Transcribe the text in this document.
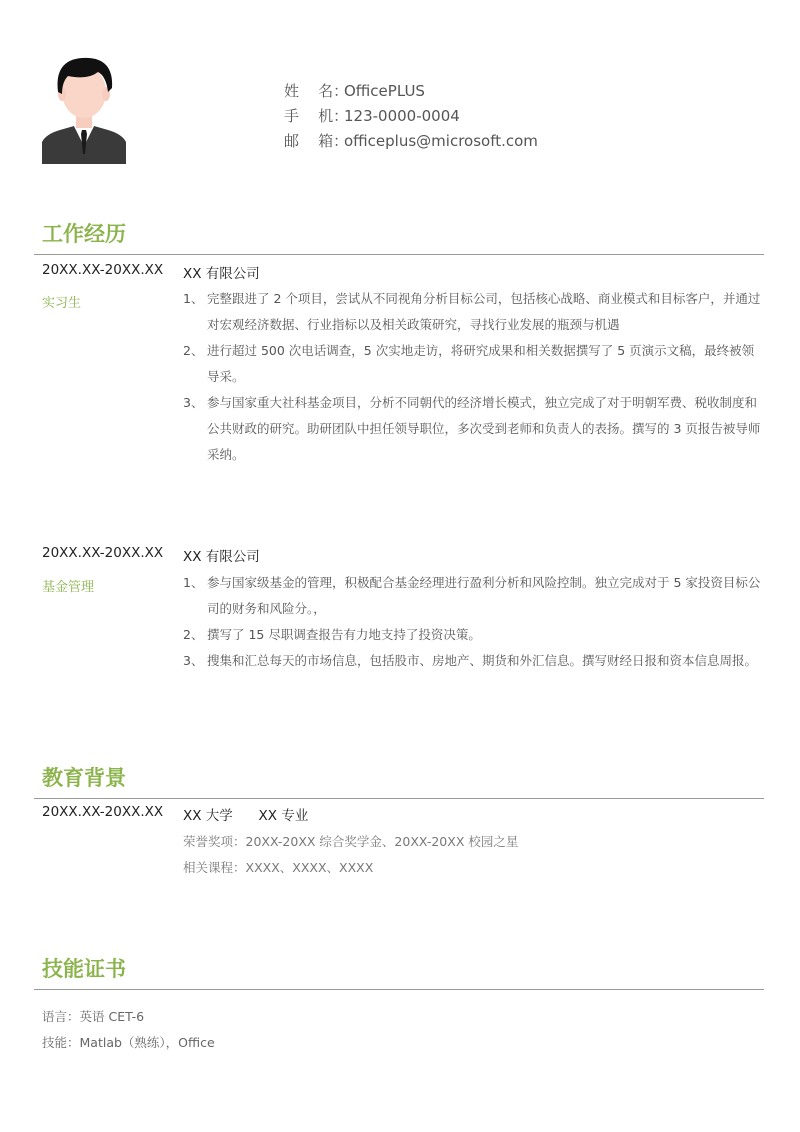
姓    名：
OfficePLUS
手    机：
123-0000-0004
邮    箱：
officeplus@microsoft.com
工作经历
20XX.XX-20XX.XX XX 有限公司
实习生	1、 完整跟进了 2 个项目，尝试从不同视角分析目标公司，包括核心战略、商业模式和目标客户，并通过对宏观经济数据、行业指标以及相关政策研究，寻找行业发展的瓶颈与机遇
2、 进行超过 500 次电话调查，5 次实地走访，将研究成果和相关数据撰写了 5 页演示文稿，最终被领导采。
3、 参与国家重大社科基金项目，分析不同朝代的经济增长模式，独立完成了对于明朝军费、税收制度和公共财政的研究。助研团队中担任领导职位，多次受到老师和负责人的表扬。撰写的 3 页报告被导师采纳。
20XX.XX-20XX.XX XX 有限公司
基金管理	1、 参与国家级基金的管理，积极配合基金经理进行盈利分析和风险控制。独立完成对于 5 家投资目标公司的财务和风险分。，
2、 撰写了 15 尽职调查报告有力地支持了投资决策。
3、 搜集和汇总每天的市场信息，包括股市、房地产、期货和外汇信息。撰写财经日报和资本信息周报。
教育背景
20XX.XX-20XX.XX XX 大学      XX 专业
荣誉奖项：20XX-20XX 综合奖学金、20XX-20XX 校园之星
相关课程：XXXX、XXXX、XXXX
技能证书
语言：英语 CET-6
技能：Matlab（熟练），Office
